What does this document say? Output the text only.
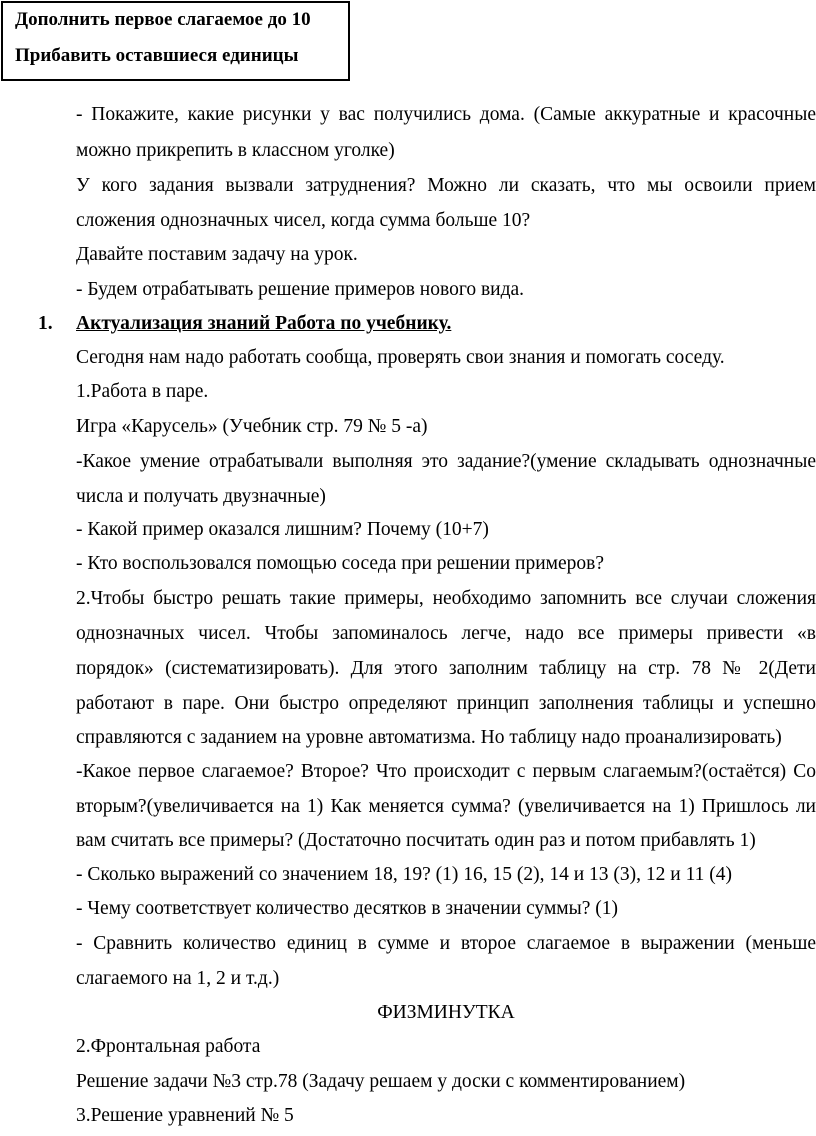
Дополнить первое слагаемое до 10
Прибавить оставшиеся единицы
- Покажите, какие рисунки у вас получились дома. (Самые аккуратные и красочные
можно прикрепить в классном уголке)
У кого задания вызвали затруднения? Можно ли сказать, что мы освоили прием
сложения однозначных чисел, когда сумма больше 10?
Давайте поставим задачу на урок.
- Будем отрабатывать решение примеров нового вида.
1. Актуализация знаний Работа по учебнику.
Сегодня нам надо работать сообща, проверять свои знания и помогать соседу.
1.Работа в паре.
Игра «Карусель» (Учебник стр. 79 № 5 -а)
-Какое умение отрабатывали выполняя это задание?(умение складывать однозначные
числа и получать двузначные)
- Какой пример оказался лишним? Почему (10+7)
- Кто воспользовался помощью соседа при решении примеров?
2.Чтобы быстро решать такие примеры, необходимо запомнить все случаи сложения
однозначных чисел. Чтобы запоминалось легче, надо все примеры привести «в
порядок» (систематизировать). Для этого заполним таблицу на стр. 78 № 2(Дети
работают в паре. Они быстро определяют принцип заполнения таблицы и успешно
справляются с заданием на уровне автоматизма. Но таблицу надо проанализировать)
-Какое первое слагаемое? Второе? Что происходит с первым слагаемым?(остаётся) Со
вторым?(увеличивается на 1) Как меняется сумма? (увеличивается на 1) Пришлось ли
вам считать все примеры? (Достаточно посчитать один раз и потом прибавлять 1)
- Сколько выражений со значением 18, 19? (1) 16, 15 (2), 14 и 13 (3), 12 и 11 (4)
- Чему соответствует количество десятков в значении суммы? (1)
- Сравнить количество единиц в сумме и второе слагаемое в выражении (меньше
слагаемого на 1, 2 и т.д.)
ФИЗМИНУТКА
2.Фронтальная работа
Решение задачи №3 стр.78 (Задачу решаем у доски с комментированием)
3.Решение уравнений № 5
